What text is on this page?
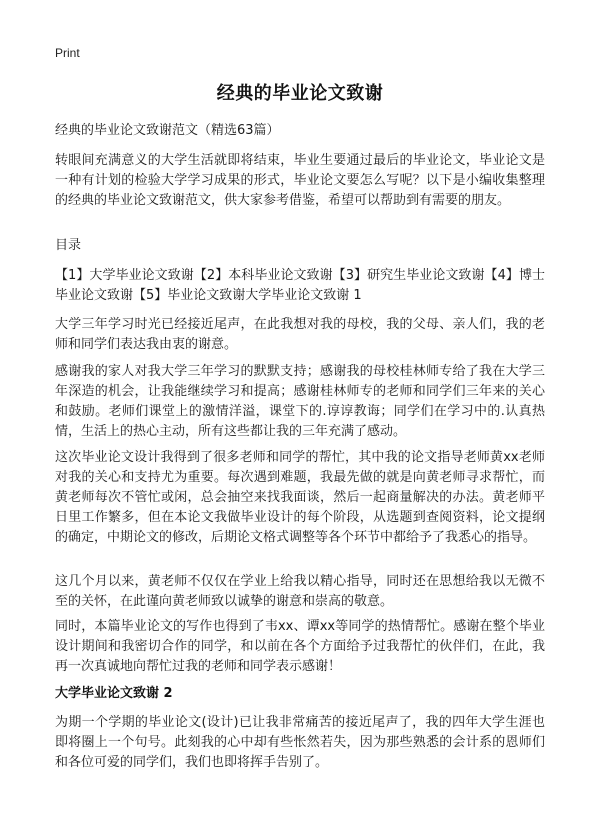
Print
经典的毕业论文致谢
经典的毕业论文致谢范文（精选63篇）
转眼间充满意义的大学生活就即将结束，毕业生要通过最后的毕业论文，毕业论文是一种有计划的检验大学学习成果的形式，毕业论文要怎么写呢？以下是小编收集整理的经典的毕业论文致谢范文，供大家参考借鉴，希望可以帮助到有需要的朋友。
目录
【1】大学毕业论文致谢【2】本科毕业论文致谢【3】研究生毕业论文致谢【4】博士毕业论文致谢【5】毕业论文致谢大学毕业论文致谢 1
大学三年学习时光已经接近尾声，在此我想对我的母校，我的父母、亲人们，我的老师和同学们表达我由衷的谢意。
感谢我的家人对我大学三年学习的默默支持；感谢我的母校桂林师专给了我在大学三年深造的机会，让我能继续学习和提高；感谢桂林师专的老师和同学们三年来的关心和鼓励。老师们课堂上的激情洋溢，课堂下的.谆谆教诲；同学们在学习中的.认真热情，生活上的热心主动，所有这些都让我的三年充满了感动。
这次毕业论文设计我得到了很多老师和同学的帮忙，其中我的论文指导老师黄xx老师对我的关心和支持尤为重要。每次遇到难题，我最先做的就是向黄老师寻求帮忙，而黄老师每次不管忙或闲，总会抽空来找我面谈，然后一起商量解决的办法。黄老师平日里工作繁多，但在本论文我做毕业设计的每个阶段，从选题到查阅资料，论文提纲的确定，中期论文的修改，后期论文格式调整等各个环节中都给予了我悉心的指导。
这几个月以来，黄老师不仅仅在学业上给我以精心指导，同时还在思想给我以无微不至的关怀，在此谨向黄老师致以诚挚的谢意和崇高的敬意。
同时，本篇毕业论文的写作也得到了韦xx、谭xx等同学的热情帮忙。感谢在整个毕业设计期间和我密切合作的同学，和以前在各个方面给予过我帮忙的伙伴们，在此，我再一次真诚地向帮忙过我的老师和同学表示感谢！
大学毕业论文致谢 2
为期一个学期的毕业论文(设计)已让我非常痛苦的接近尾声了，我的四年大学生涯也即将圈上一个句号。此刻我的心中却有些怅然若失，因为那些熟悉的会计系的恩师们和各位可爱的同学们，我们也即将挥手告别了。
